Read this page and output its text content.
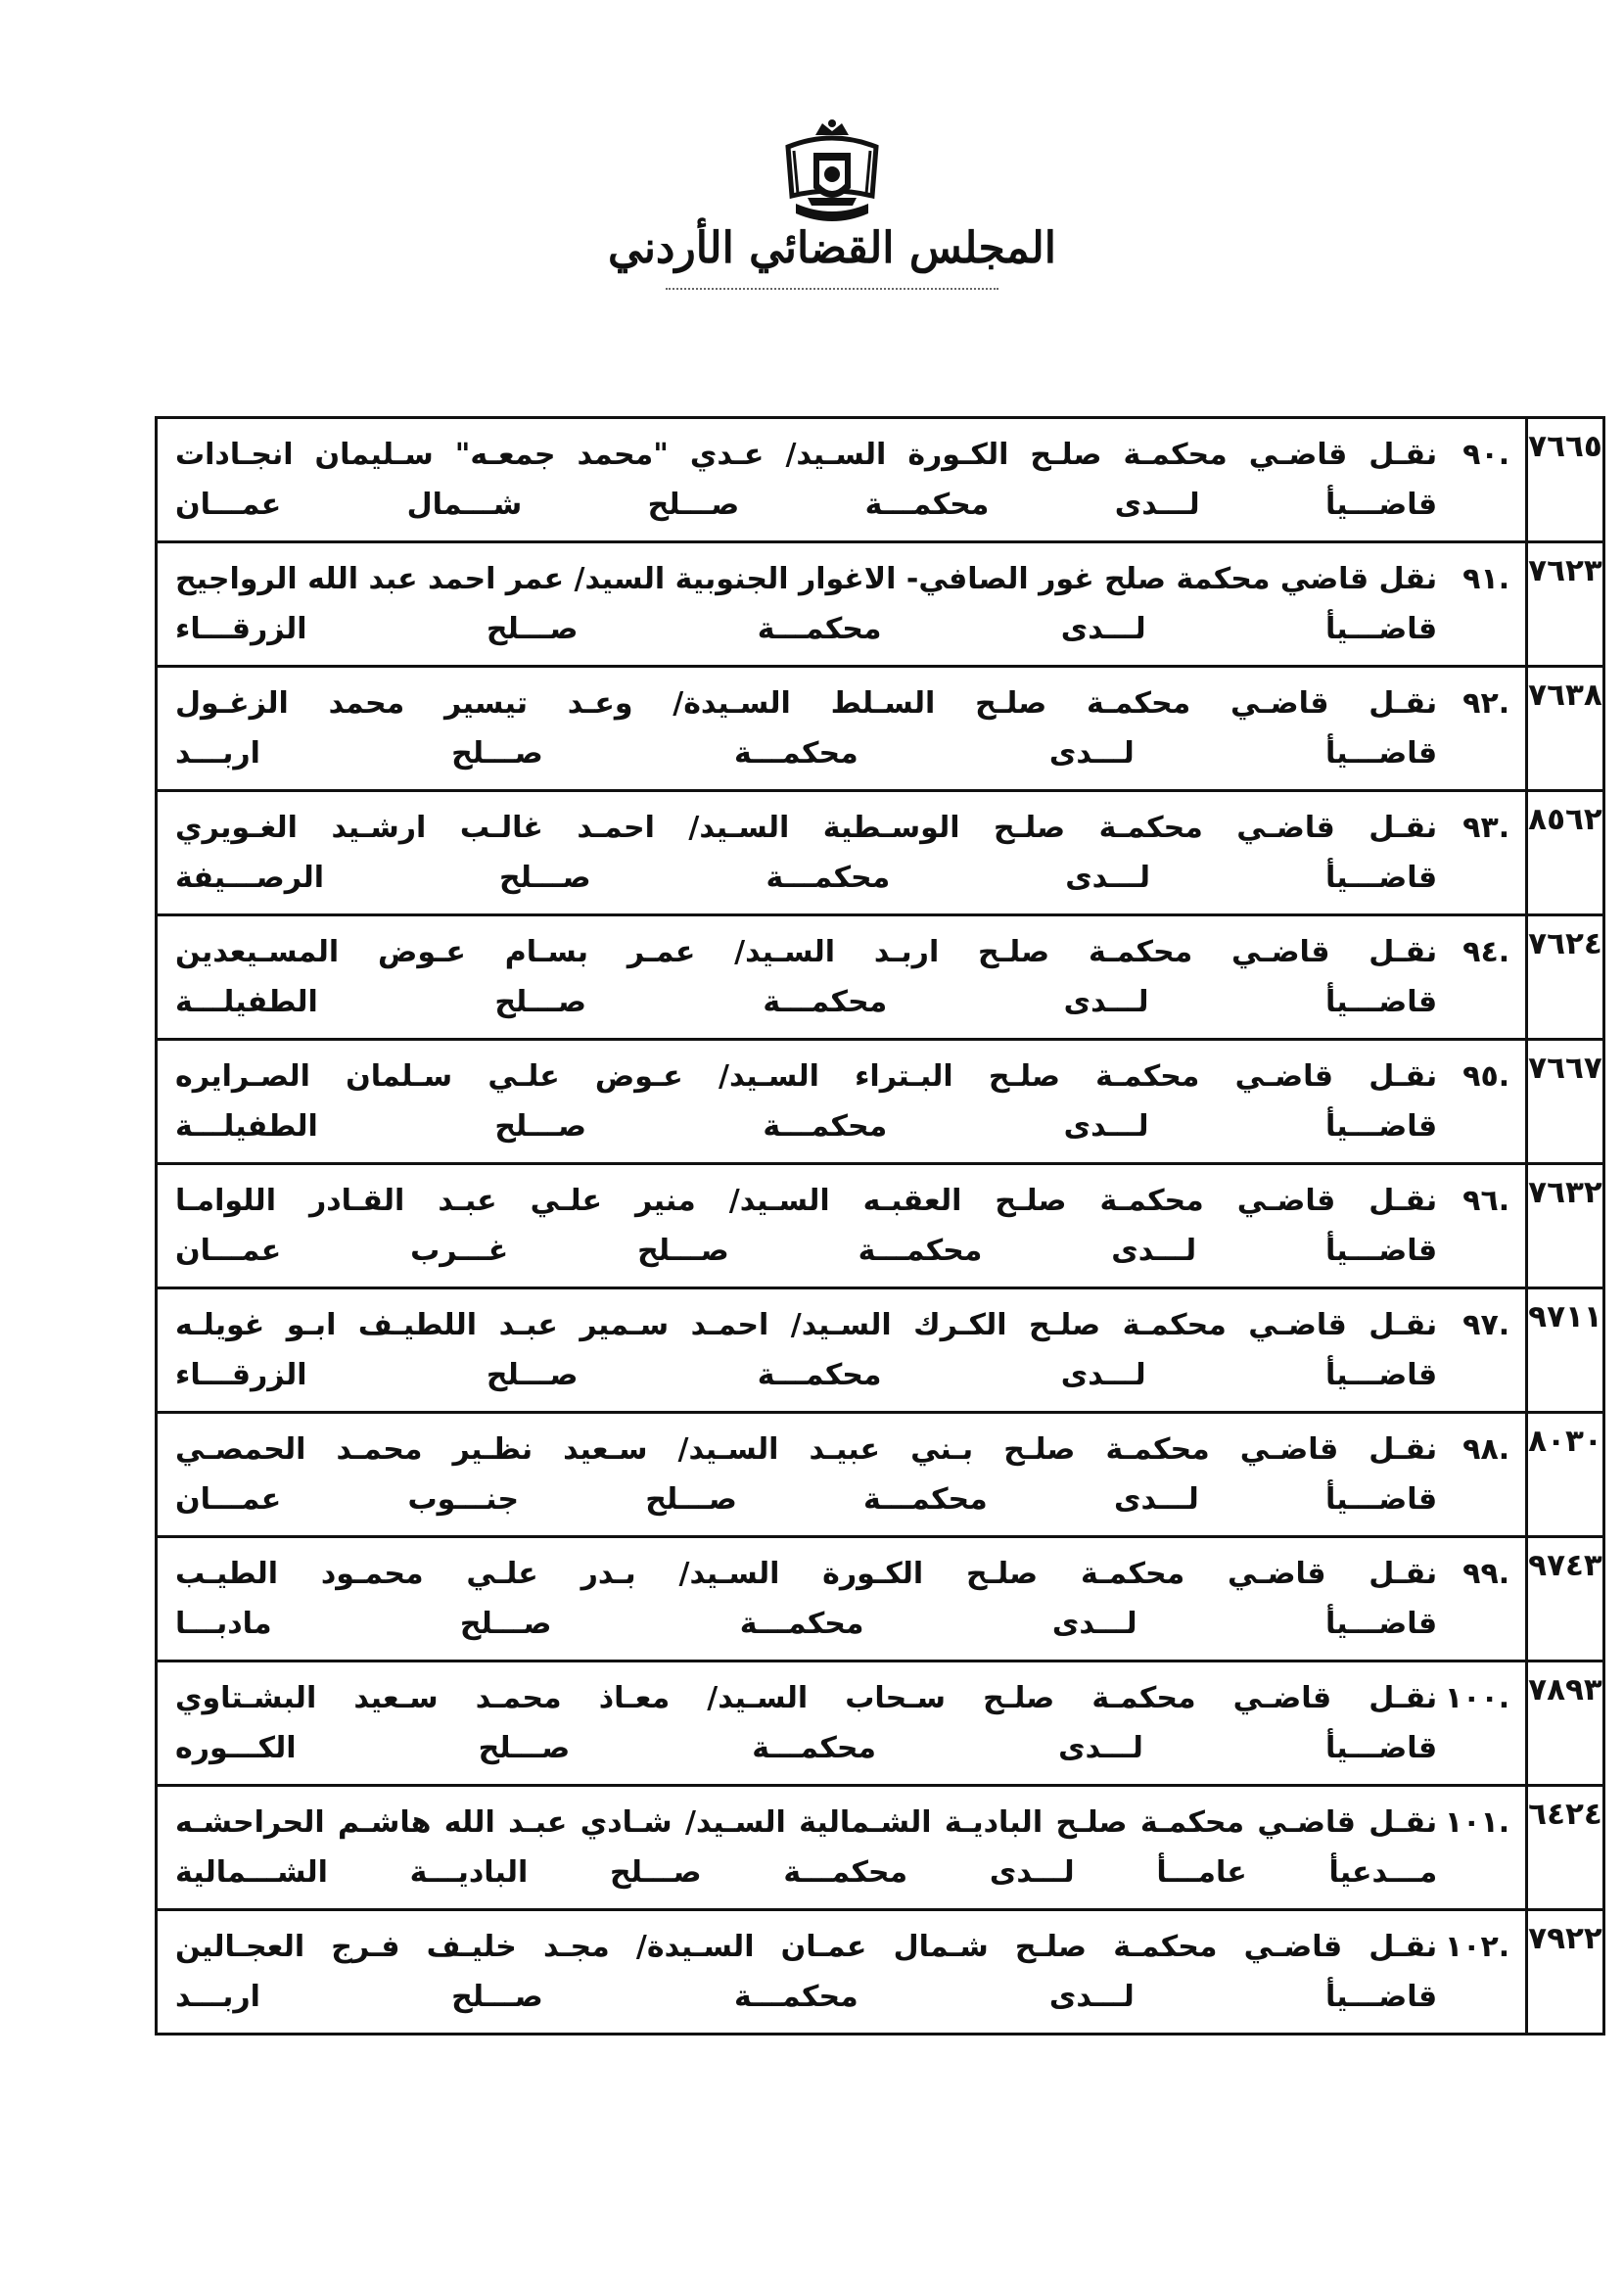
المجلس القضائي الأردني
٧٦٦٥	.٩٠
نقـل قاضـي محكمـة صلـح الكـورة السـيد/ عـدي "محمد جمعـه" سـليمان انجـادات
قاضـــيأ لـــدى محكمـــة صـــلح شـــمال عمـــان

٧٦٢٣	.٩١
نقل قاضي محكمة صلح غور الصافي- الاغوار الجنوبية السيد/ عمر احمد عبد الله الرواجيح
قاضـــيأ لـــدى محكمـــة صـــلح الزرقـــاء

٧٦٣٨	.٩٢
نقـل قاضـي محكمـة صلـح السـلط السـيدة/ وعـد تيسير محمد الزغـول
قاضـــيأ لـــدى محكمـــة صـــلح اربـــد

٨٥٦٢	.٩٣
نقـل قاضـي محكمـة صلـح الوسـطية السـيد/ احمـد غالـب ارشـيد الغـويري
قاضـــيأ لـــدى محكمـــة صـــلح الرصـــيفة

٧٦٢٤	.٩٤
نقـل قاضـي محكمـة صلـح اربـد السـيد/ عمـر بسـام عـوض المسـيعدين
قاضـــيأ لـــدى محكمـــة صـــلح الطفيلـــة

٧٦٦٧	.٩٥
نقـل قاضـي محكمـة صلـح البـتراء السـيد/ عـوض علـي سـلمان الصـرايره
قاضـــيأ لـــدى محكمـــة صـــلح الطفيلـــة

٧٦٣٢	.٩٦
نقـل قاضـي محكمـة صلـح العقبـه السـيد/ منير علـي عبـد القـادر اللوامـا
قاضـــيأ لـــدى محكمـــة صـــلح غـــرب عمـــان

٩٧١١	.٩٧
نقـل قاضـي محكمـة صلـح الكـرك السـيد/ احمـد سـمير عبـد اللطيـف ابـو غويلـه
قاضـــيأ لـــدى محكمـــة صـــلح الزرقـــاء

٨٠٣٠	.٩٨
نقـل قاضـي محكمـة صلـح بـني عبيـد السـيد/ سـعيد نظـير محمـد الحمصـي
قاضـــيأ لـــدى محكمـــة صـــلح جنـــوب عمـــان

٩٧٤٣	.٩٩
نقـل قاضـي محكمـة صلـح الكـورة السـيد/ بـدر علـي محمـود الطيـب
قاضـــيأ لـــدى محكمـــة صـــلح مادبـــا

٧٨٩٣	.١٠٠
نقـل قاضـي محكمـة صلـح سـحاب السـيد/ معـاذ محمـد سـعيد البشـتاوي
قاضـــيأ لـــدى محكمـــة صـــلح الكـــوره

٦٤٢٤	.١٠١
نقـل قاضـي محكمـة صلـح الباديـة الشـمالية السـيد/ شـادي عبـد الله هاشـم الحراحشـه
مـــدعيأ عامـــأ لـــدى محكمـــة صـــلح الباديـــة الشـــمالية

٧٩٢٢	.١٠٢
نقـل قاضـي محكمـة صلـح شـمال عمـان السـيدة/ مجـد خليـف فـرج العجـالين
قاضـــيأ لـــدى محكمـــة صـــلح اربـــد
